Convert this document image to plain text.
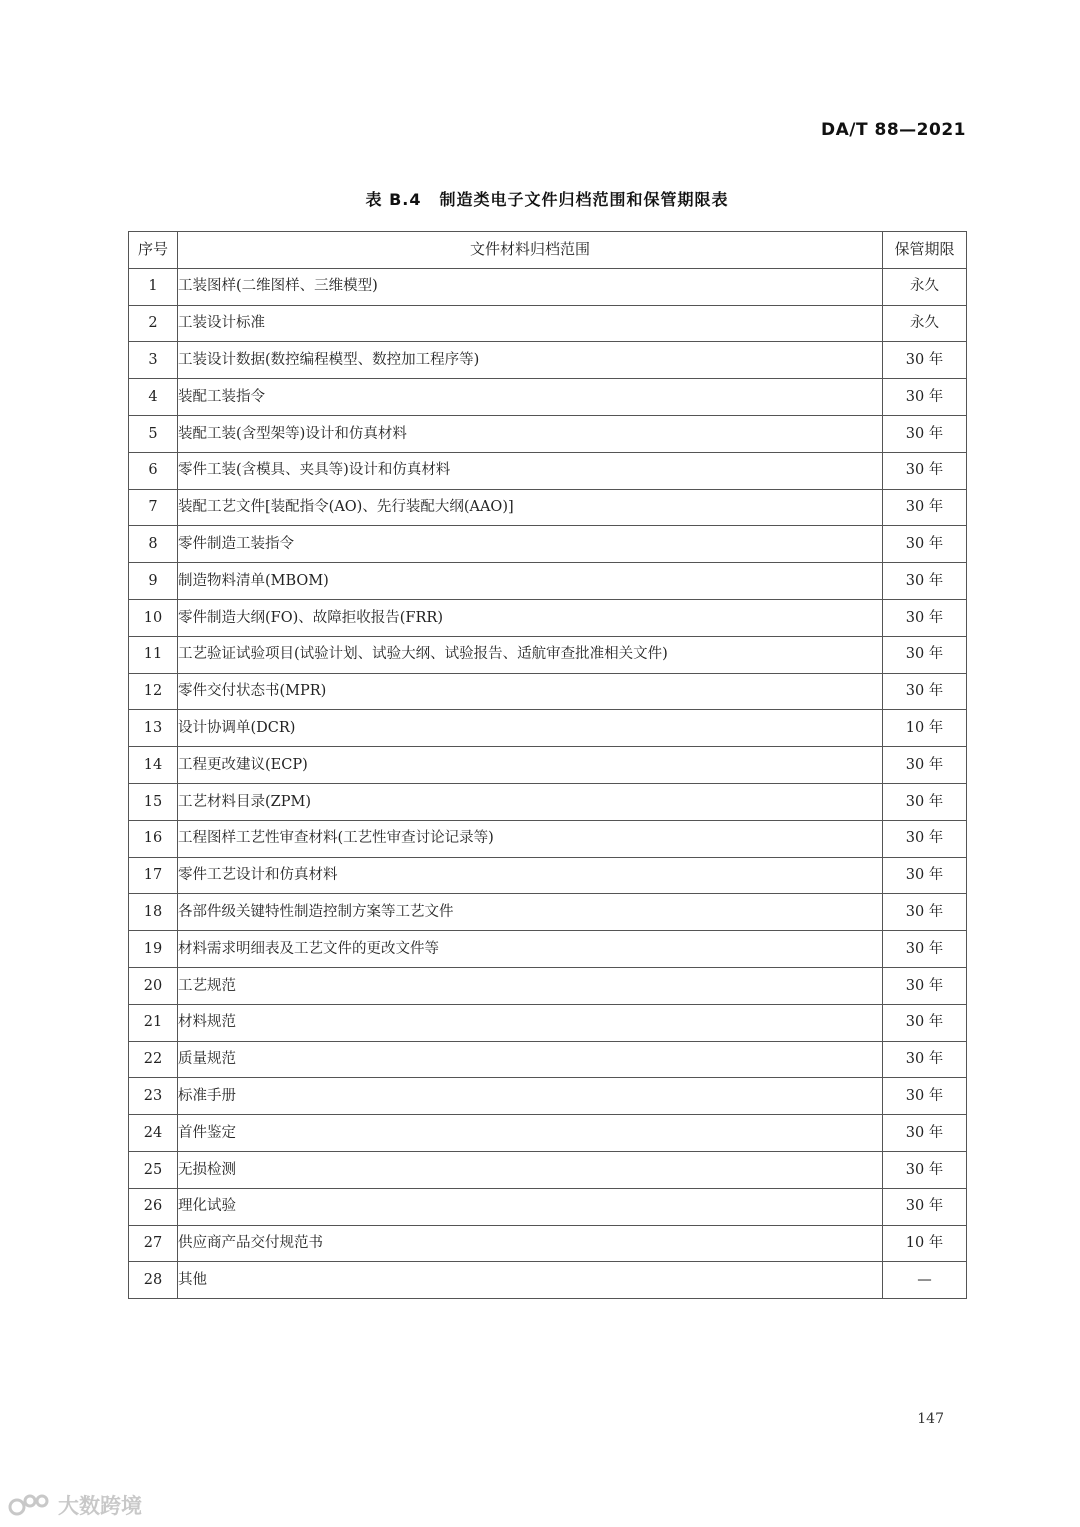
DA/T 88—2021
表 B.4 制造类电子文件归档范围和保管期限表
序号	文件材料归档范围	保管期限
1	工装图样(二维图样、三维模型)	永久
2	工装设计标准	永久
3	工装设计数据(数控编程模型、数控加工程序等)	30 年
4	装配工装指令	30 年
5	装配工装(含型架等)设计和仿真材料	30 年
6	零件工装(含模具、夹具等)设计和仿真材料	30 年
7	装配工艺文件[装配指令(AO)、先行装配大纲(AAO)]	30 年
8	零件制造工装指令	30 年
9	制造物料清单(MBOM)	30 年
10	零件制造大纲(FO)、故障拒收报告(FRR)	30 年
11	工艺验证试验项目(试验计划、试验大纲、试验报告、适航审查批准相关文件)	30 年
12	零件交付状态书(MPR)	30 年
13	设计协调单(DCR)	10 年
14	工程更改建议(ECP)	30 年
15	工艺材料目录(ZPM)	30 年
16	工程图样工艺性审查材料(工艺性审查讨论记录等)	30 年
17	零件工艺设计和仿真材料	30 年
18	各部件级关键特性制造控制方案等工艺文件	30 年
19	材料需求明细表及工艺文件的更改文件等	30 年
20	工艺规范	30 年
21	材料规范	30 年
22	质量规范	30 年
23	标准手册	30 年
24	首件鉴定	30 年
25	无损检测	30 年
26	理化试验	30 年
27	供应商产品交付规范书	10 年
28	其他	—
147
大数跨境
